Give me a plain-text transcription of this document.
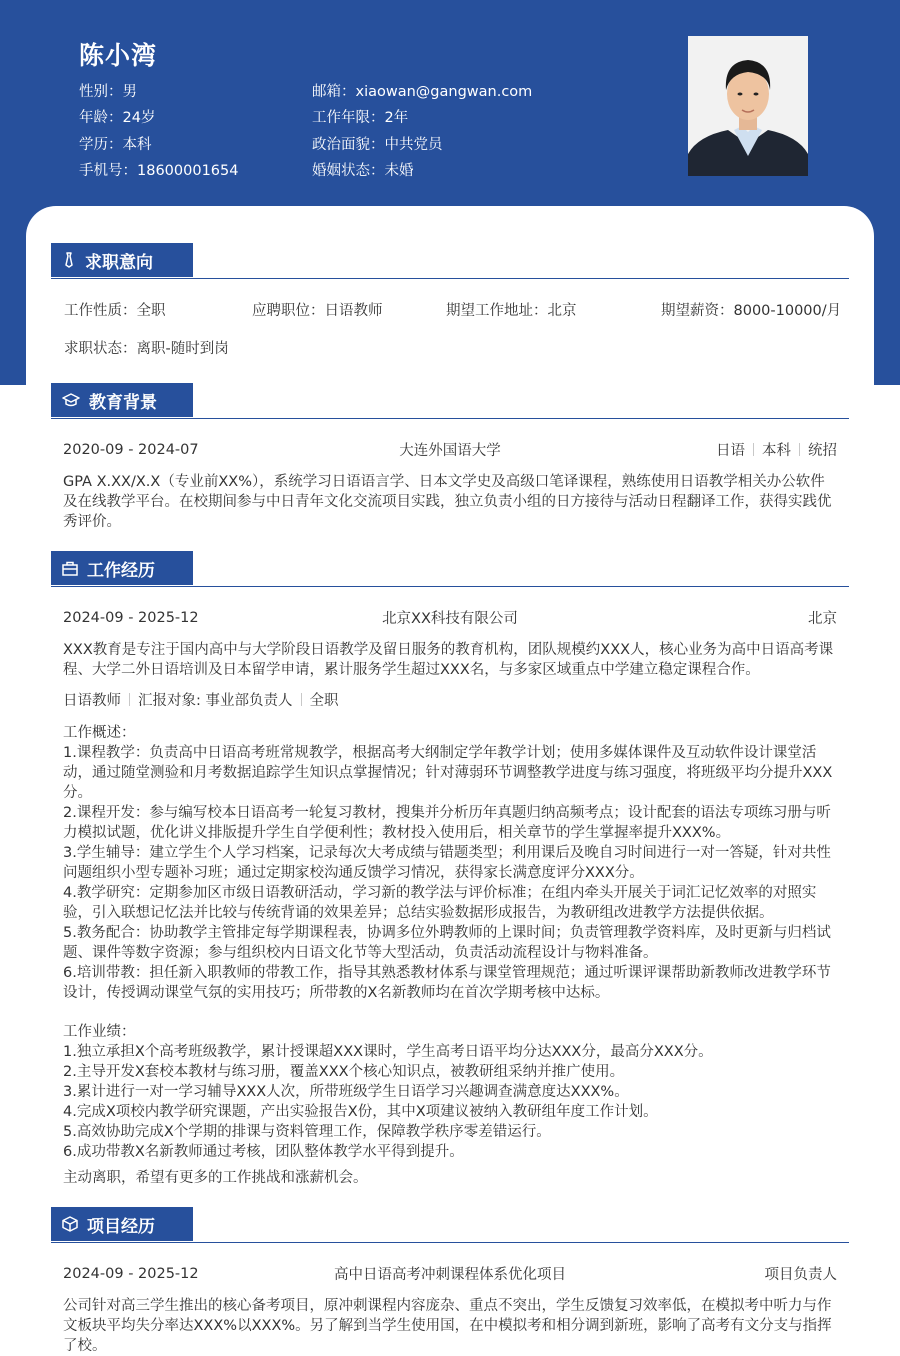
陈小湾
性别：男
年龄：24岁
学历：本科
手机号：18600001654
邮箱：xiaowan@gangwan.com
工作年限：2年
政治面貌：中共党员
婚姻状态：未婚
求职意向
工作性质：全职	应聘职位：日语教师	期望工作地址：北京	期望薪资：8000-10000/月
求职状态：离职-随时到岗
教育背景
2020-09 - 2024-07	大连外国语大学	日语 本科 统招
GPA X.XX/X.X（专业前XX%），系统学习日语语言学、日本文学史及高级口笔译课程，熟练使用日语教学相关办公软件及在线教学平台。在校期间参与中日青年文化交流项目实践，独立负责小组的日方接待与活动日程翻译工作，获得实践优秀评价。
工作经历
2024-09 - 2025-12	北京XX科技有限公司	北京
XXX教育是专注于国内高中与大学阶段日语教学及留日服务的教育机构，团队规模约XXX人，核心业务为高中日语高考课程、大学二外日语培训及日本留学申请，累计服务学生超过XXX名，与多家区域重点中学建立稳定课程合作。
日语教师 汇报对象: 事业部负责人 全职
工作概述：
1.课程教学：负责高中日语高考班常规教学，根据高考大纲制定学年教学计划；使用多媒体课件及互动软件设计课堂活动，通过随堂测验和月考数据追踪学生知识点掌握情况；针对薄弱环节调整教学进度与练习强度，将班级平均分提升XXX分。
2.课程开发：参与编写校本日语高考一轮复习教材，搜集并分析历年真题归纳高频考点；设计配套的语法专项练习册与听力模拟试题，优化讲义排版提升学生自学便利性；教材投入使用后，相关章节的学生掌握率提升XXX%。
3.学生辅导：建立学生个人学习档案，记录每次大考成绩与错题类型；利用课后及晚自习时间进行一对一答疑，针对共性问题组织小型专题补习班；通过定期家校沟通反馈学习情况，获得家长满意度评分XXX分。
4.教学研究：定期参加区市级日语教研活动，学习新的教学法与评价标准；在组内牵头开展关于词汇记忆效率的对照实验，引入联想记忆法并比较与传统背诵的效果差异；总结实验数据形成报告，为教研组改进教学方法提供依据。
5.教务配合：协助教学主管排定每学期课程表，协调多位外聘教师的上课时间；负责管理教学资料库，及时更新与归档试题、课件等数字资源；参与组织校内日语文化节等大型活动，负责活动流程设计与物料准备。
6.培训带教：担任新入职教师的带教工作，指导其熟悉教材体系与课堂管理规范；通过听课评课帮助新教师改进教学环节设计，传授调动课堂气氛的实用技巧；所带教的X名新教师均在首次学期考核中达标。
工作业绩：
1.独立承担X个高考班级教学，累计授课超XXX课时，学生高考日语平均分达XXX分，最高分XXX分。
2.主导开发X套校本教材与练习册，覆盖XXX个核心知识点，被教研组采纳并推广使用。
3.累计进行一对一学习辅导XXX人次，所带班级学生日语学习兴趣调查满意度达XXX%。
4.完成X项校内教学研究课题，产出实验报告X份，其中X项建议被纳入教研组年度工作计划。
5.高效协助完成X个学期的排课与资料管理工作，保障教学秩序零差错运行。
6.成功带教X名新教师通过考核，团队整体教学水平得到提升。
主动离职，希望有更多的工作挑战和涨薪机会。
项目经历
2024-09 - 2025-12	高中日语高考冲刺课程体系优化项目	项目负责人
公司针对高三学生推出的核心备考项目，原冲刺课程内容庞杂、重点不突出，学生反馈复习效率低，在模拟考中听力与作文板块平均失分率达XXX%以XXX%。另了解到当学生使用国，在中模拟考和相分调到新班，影响了高考有文分支与指挥了校。
